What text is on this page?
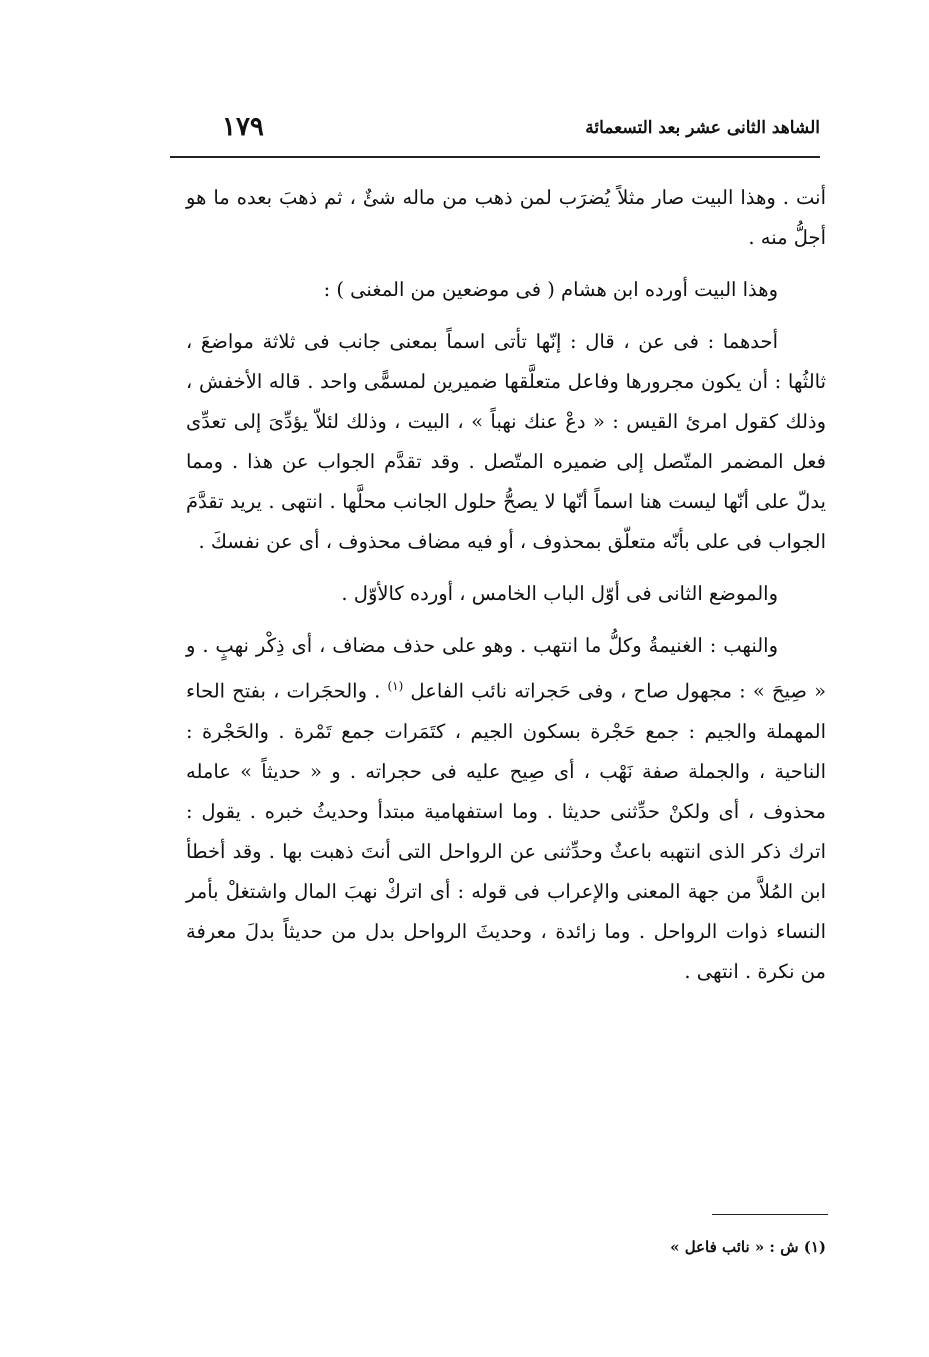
الشاهد الثانى عشر بعد التسعمائة
١٧٩

أنت . وهذا البيت صار مثلاً يُضرَب لمن ذهب من ماله شئٌ ، ثم ذهبَ بعده ما هو أجلُّ منه .

وهذا البيت أورده ابن هشام ( فى موضعين من المغنى ) :

أحدهما : فى عن ، قال : إنّها تأتى اسماً بمعنى جانب فى ثلاثة مواضعَ ، ثالثُها : أن يكون مجرورها وفاعل متعلَّقها ضميرين لمسمًّى واحد . قاله الأخفش ، وذلك كقول امرئ القيس : « دعْ عنك نهباً » ، البيت ، وذلك لئلاّ يؤدِّىَ إلى تعدِّى فعل المضمر المتّصل إلى ضميره المتّصل . وقد تقدَّم الجواب عن هذا . ومما يدلّ على أنّها ليست هنا اسماً أنّها لا يصحُّ حلول الجانب محلَّها . انتهى . يريد تقدَّمَ الجواب فى على بأنّه متعلّق بمحذوف ، أو فيه مضاف محذوف ، أى عن نفسكَ .

والموضع الثانى فى أوّل الباب الخامس ، أورده كالأوّل .

والنهب : الغنيمةُ وكلُّ ما انتهب . وهو على حذف مضاف ، أى ذِكْر نهبٍ . و « صِيحَ » : مجهول صاح ، وفى حَجراته نائب الفاعل $^{(١)}$ . والحجَرات ، بفتح الحاء المهملة والجيم : جمع حَجْرة بسكون الجيم ، كتَمَرات جمع تَمْرة . والحَجْرة : الناحية ، والجملة صفة نَهْب ، أى صِيح عليه فى حجراته . و « حديثاً » عامله محذوف ، أى ولكنْ حدِّثنى حديثا . وما استفهامية مبتدأ وحديثُ خبره . يقول : اترك ذكر الذى انتهبه باعثٌ وحدِّثنى عن الرواحل التى أنتَ ذهبت بها . وقد أخطأ ابن المُلاَّ من جهة المعنى والإعراب فى قوله : أى اتركْ نهبَ المال واشتغلْ بأمر النساء ذوات الرواحل . وما زائدة ، وحديثَ الرواحل بدل من حديثاً بدلَ معرفة من نكرة . انتهى .

(١) ش : « نائب فاعل »
